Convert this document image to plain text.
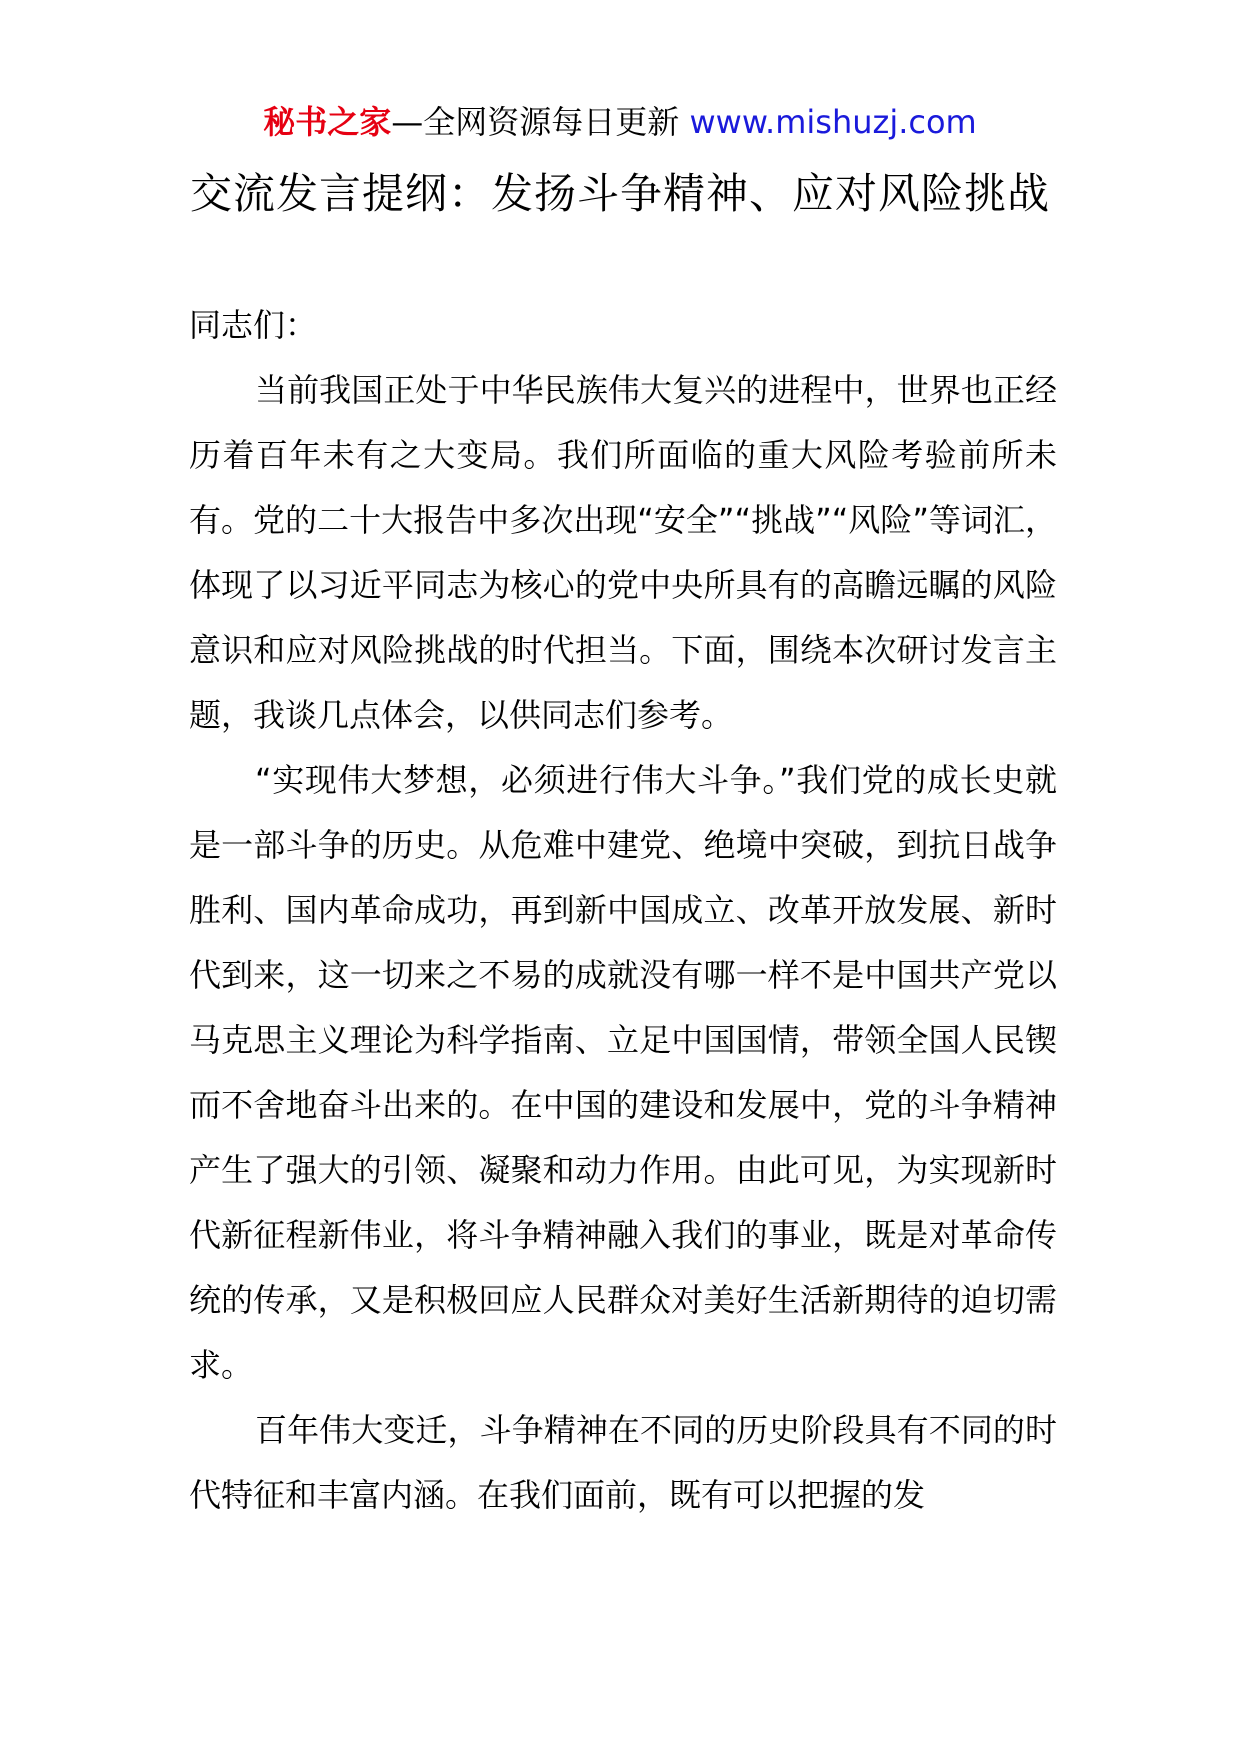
秘书之家—全网资源每日更新 www.mishuzj.com
交流发言提纲：发扬斗争精神、应对风险挑战

同志们：

当前我国正处于中华民族伟大复兴的进程中，世界也正经历着百年未有之大变局。我们所面临的重大风险考验前所未有。党的二十大报告中多次出现“安全”“挑战”“风险”等词汇，体现了以习近平同志为核心的党中央所具有的高瞻远瞩的风险意识和应对风险挑战的时代担当。下面，围绕本次研讨发言主题，我谈几点体会，以供同志们参考。

“实现伟大梦想，必须进行伟大斗争。”我们党的成长史就是一部斗争的历史。从危难中建党、绝境中突破，到抗日战争胜利、国内革命成功，再到新中国成立、改革开放发展、新时代到来，这一切来之不易的成就没有哪一样不是中国共产党以马克思主义理论为科学指南、立足中国国情，带领全国人民锲而不舍地奋斗出来的。在中国的建设和发展中，党的斗争精神产生了强大的引领、凝聚和动力作用。由此可见，为实现新时代新征程新伟业，将斗争精神融入我们的事业，既是对革命传统的传承，又是积极回应人民群众对美好生活新期待的迫切需求。

百年伟大变迁，斗争精神在不同的历史阶段具有不同的时代特征和丰富内涵。在我们面前，既有可以把握的发
